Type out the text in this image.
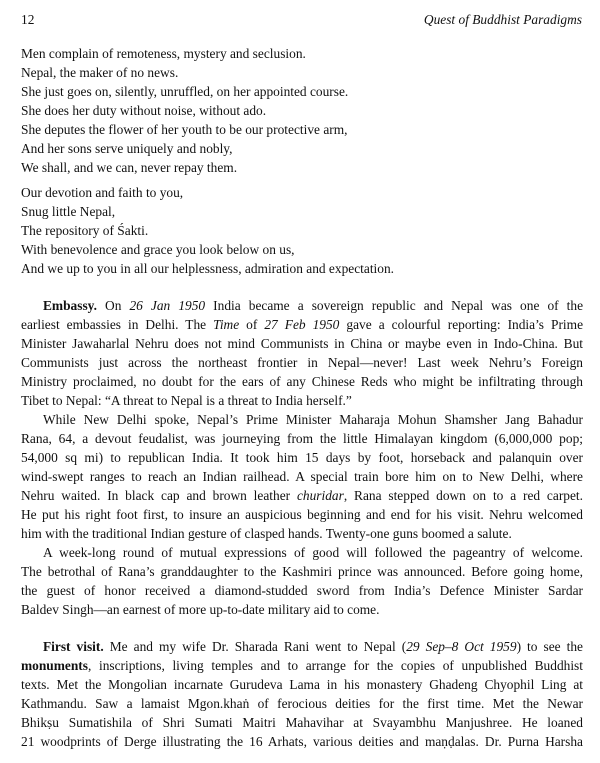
12	Quest of Buddhist Paradigms
Men complain of remoteness, mystery and seclusion.
Nepal, the maker of no news.
She just goes on, silently, unruffled, on her appointed course.
She does her duty without noise, without ado.
She deputes the flower of her youth to be our protective arm,
And her sons serve uniquely and nobly,
We shall, and we can, never repay them.
Our devotion and faith to you,
Snug little Nepal,
The repository of Śakti.
With benevolence and grace you look below on us,
And we up to you in all our helplessness, admiration and expectation.
Embassy. On 26 Jan 1950 India became a sovereign republic and Nepal was one of the
earliest embassies in Delhi. The Time of 27 Feb 1950 gave a colourful reporting: India’s Prime
Minister Jawaharlal Nehru does not mind Communists in China or maybe even in Indo-China. But
Communists just across the northeast frontier in Nepal—never! Last week Nehru’s Foreign
Ministry proclaimed, no doubt for the ears of any Chinese Reds who might be infiltrating through
Tibet to Nepal: “A threat to Nepal is a threat to India herself.”
While New Delhi spoke, Nepal’s Prime Minister Maharaja Mohun Shamsher Jang Bahadur
Rana, 64, a devout feudalist, was journeying from the little Himalayan kingdom (6,000,000 pop;
54,000 sq mi) to republican India. It took him 15 days by foot, horseback and palanquin over
wind-swept ranges to reach an Indian railhead. A special train bore him on to New Delhi, where
Nehru waited. In black cap and brown leather churidar, Rana stepped down on to a red carpet.
He put his right foot first, to insure an auspicious beginning and end for his visit. Nehru welcomed
him with the traditional Indian gesture of clasped hands. Twenty-one guns boomed a salute.
A week-long round of mutual expressions of good will followed the pageantry of welcome.
The betrothal of Rana’s granddaughter to the Kashmiri prince was announced. Before going home,
the guest of honor received a diamond-studded sword from India’s Defence Minister Sardar
Baldev Singh—an earnest of more up-to-date military aid to come.
First visit. Me and my wife Dr. Sharada Rani went to Nepal (29 Sep–8 Oct 1959) to see the
monuments, inscriptions, living temples and to arrange for the copies of unpublished Buddhist
texts. Met the Mongolian incarnate Gurudeva Lama in his monastery Ghadeng Chyophil Ling at
Kathmandu. Saw a lamaist Mgon.khaṅ of ferocious deities for the first time. Met the Newar
Bhikṣu Sumatishila of Shri Sumati Maitri Mahavihar at Svayambhu Manjushree. He loaned
21 woodprints of Derge illustrating the 16 Arhats, various deities and maṇḍalas. Dr. Purna Harsha
